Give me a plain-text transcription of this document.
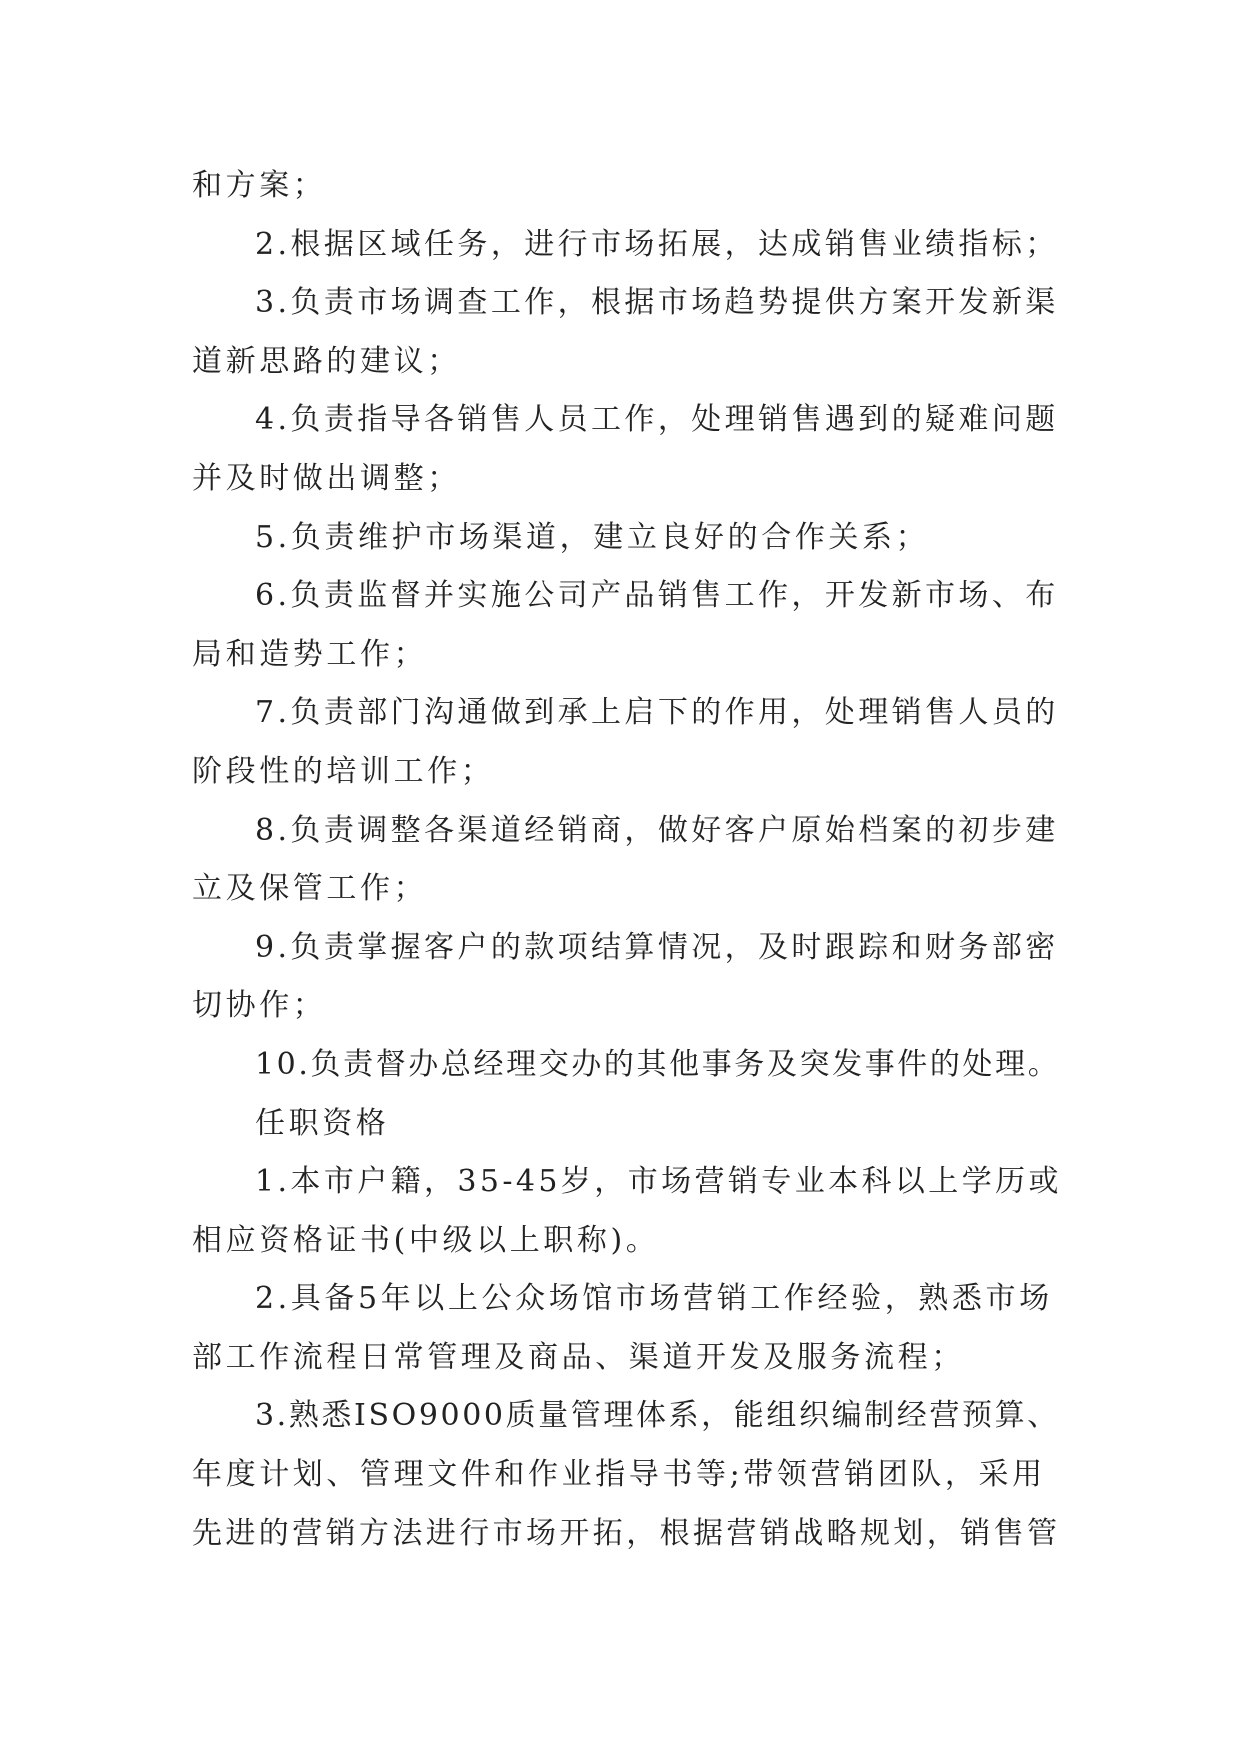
和方案；
2.根据区域任务，进行市场拓展，达成销售业绩指标；
3.负责市场调查工作，根据市场趋势提供方案开发新渠
道新思路的建议；
4.负责指导各销售人员工作，处理销售遇到的疑难问题
并及时做出调整；
5.负责维护市场渠道，建立良好的合作关系；
6.负责监督并实施公司产品销售工作，开发新市场、布
局和造势工作；
7.负责部门沟通做到承上启下的作用，处理销售人员的
阶段性的培训工作；
8.负责调整各渠道经销商，做好客户原始档案的初步建
立及保管工作；
9.负责掌握客户的款项结算情况，及时跟踪和财务部密
切协作；
10.负责督办总经理交办的其他事务及突发事件的处理。
任职资格
1.本市户籍，35-45岁，市场营销专业本科以上学历或
相应资格证书(中级以上职称)。
2.具备5年以上公众场馆市场营销工作经验，熟悉市场
部工作流程日常管理及商品、渠道开发及服务流程；
3.熟悉ISO9000质量管理体系，能组织编制经营预算、
年度计划、管理文件和作业指导书等;带领营销团队，采用
先进的营销方法进行市场开拓，根据营销战略规划，销售管
